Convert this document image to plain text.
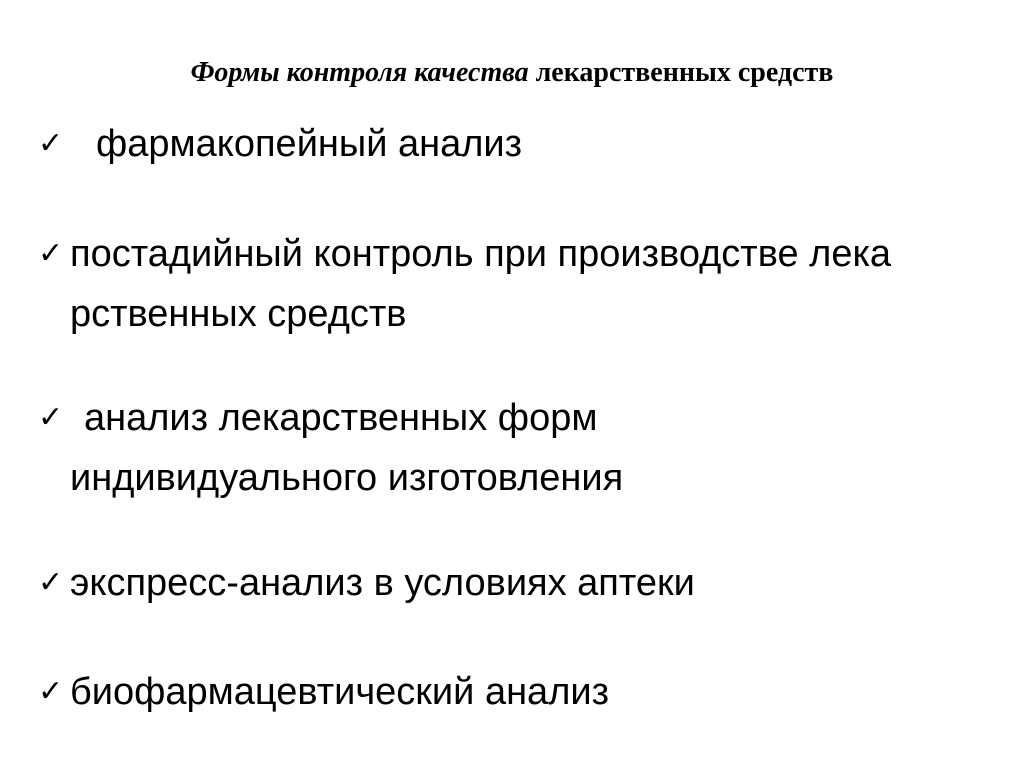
Формы контроля качества лекарственных средств
✓ фармакопейный анализ
✓ постадийный контроль при производстве лека
рственных средств
✓ анализ лекарственных форм
индивидуального изготовления
✓ экспресс-анализ в условиях аптеки
✓ биофармацевтический анализ
